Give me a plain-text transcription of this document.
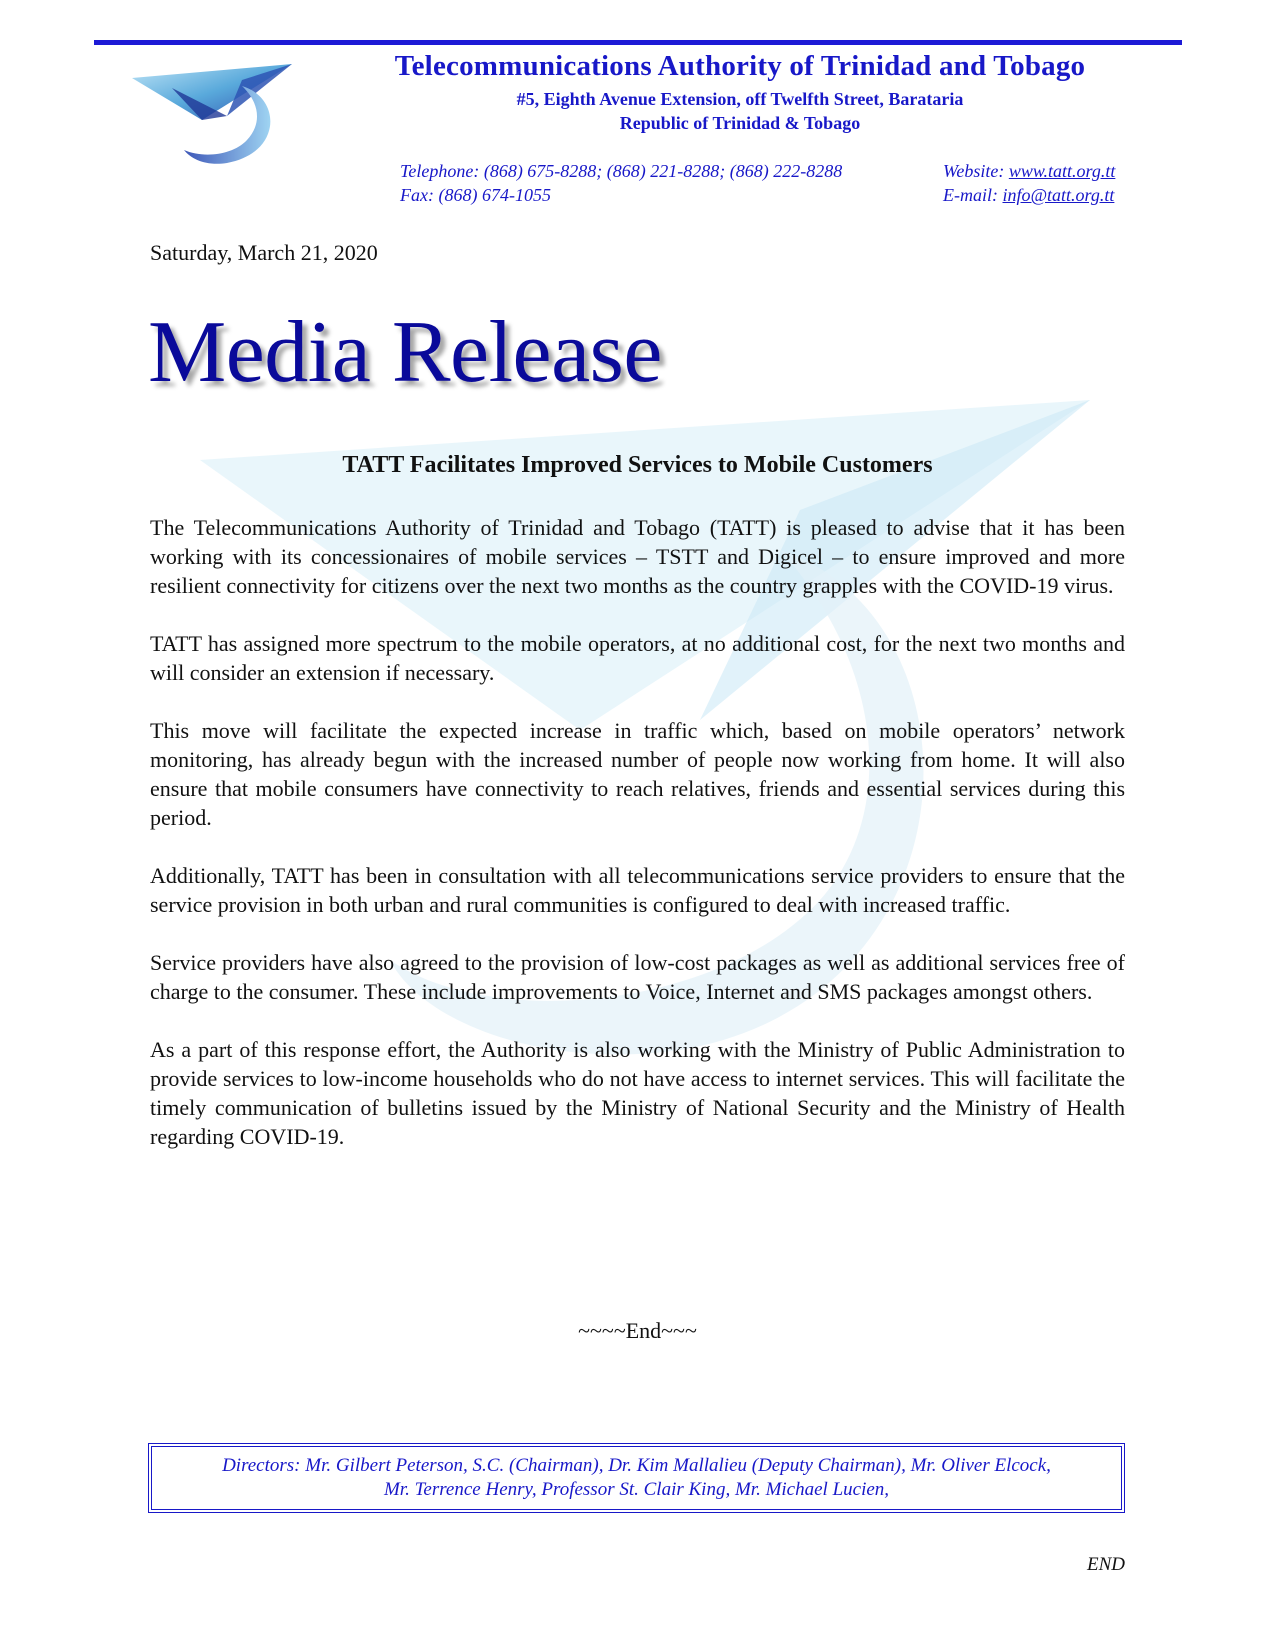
Telecommunications Authority of Trinidad and Tobago
#5, Eighth Avenue Extension, off Twelfth Street, Barataria
Republic of Trinidad & Tobago
Telephone: (868) 675-8288; (868) 221-8288; (868) 222-8288
Fax: (868) 674-1055
Website: www.tatt.org.tt
E-mail: info@tatt.org.tt
Saturday, March 21, 2020
Media Release
TATT Facilitates Improved Services to Mobile Customers

The Telecommunications Authority of Trinidad and Tobago (TATT) is pleased to advise that it has been working with its concessionaires of mobile services – TSTT and Digicel – to ensure improved and more resilient connectivity for citizens over the next two months as the country grapples with the COVID-19 virus.

TATT has assigned more spectrum to the mobile operators, at no additional cost, for the next two months and will consider an extension if necessary.

This move will facilitate the expected increase in traffic which, based on mobile operators’ network monitoring, has already begun with the increased number of people now working from home. It will also ensure that mobile consumers have connectivity to reach relatives, friends and essential services during this period.

Additionally, TATT has been in consultation with all telecommunications service providers to ensure that the service provision in both urban and rural communities is configured to deal with increased traffic.

Service providers have also agreed to the provision of low-cost packages as well as additional services free of charge to the consumer. These include improvements to Voice, Internet and SMS packages amongst others.

As a part of this response effort, the Authority is also working with the Ministry of Public Administration to provide services to low-income households who do not have access to internet services. This will facilitate the timely communication of bulletins issued by the Ministry of National Security and the Ministry of Health regarding COVID-19.

~~~~End~~~
Directors: Mr. Gilbert Peterson, S.C. (Chairman), Dr. Kim Mallalieu (Deputy Chairman), Mr. Oliver Elcock,
Mr. Terrence Henry, Professor St. Clair King, Mr. Michael Lucien,
END
